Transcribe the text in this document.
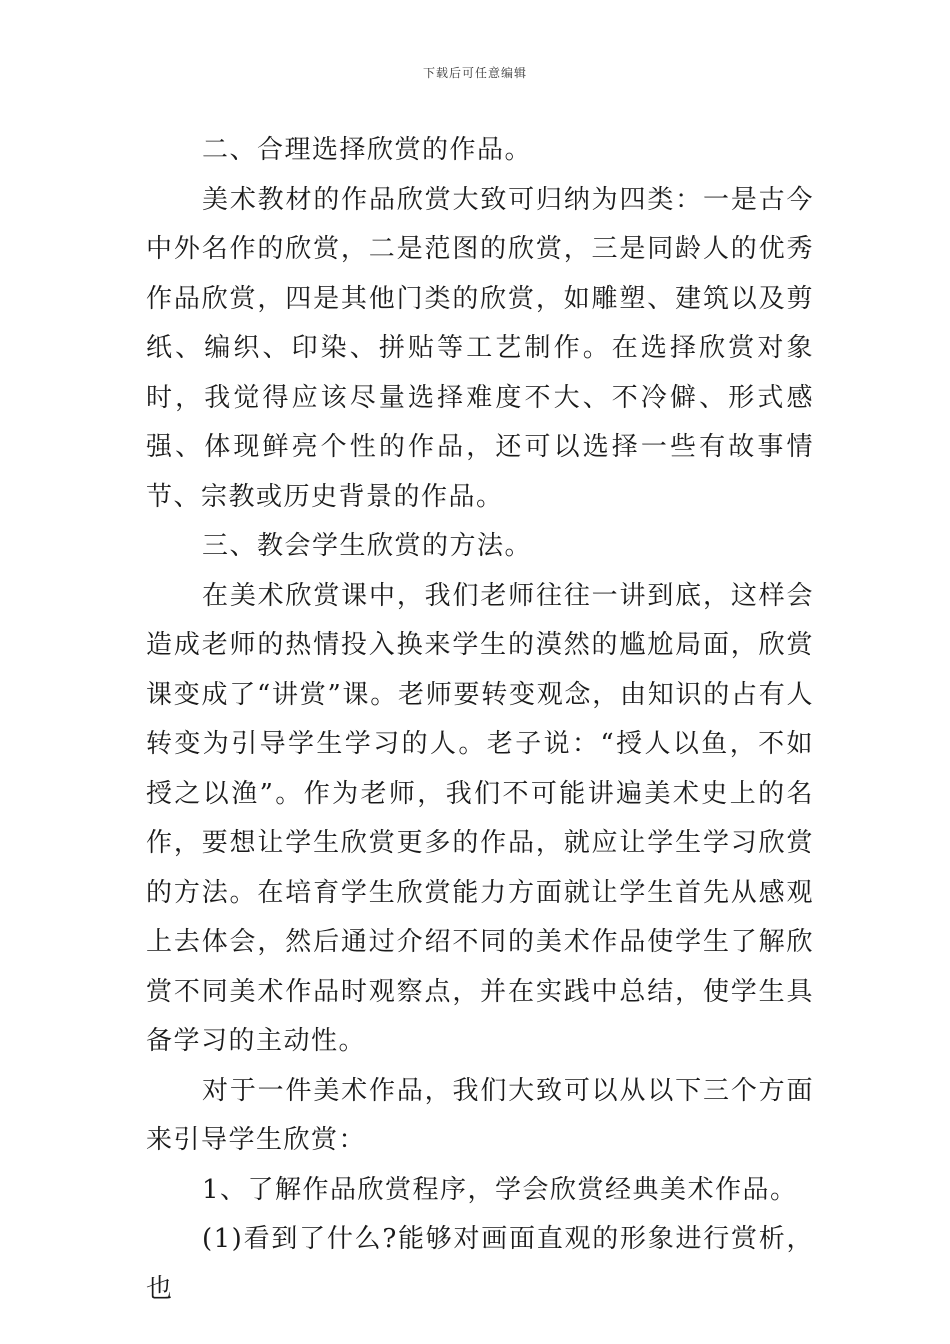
下载后可任意编辑

二、合理选择欣赏的作品。

美术教材的作品欣赏大致可归纳为四类：一是古今中外名作的欣赏，二是范图的欣赏，三是同龄人的优秀作品欣赏，四是其他门类的欣赏，如雕塑、建筑以及剪纸、编织、印染、拼贴等工艺制作。在选择欣赏对象时，我觉得应该尽量选择难度不大、不冷僻、形式感强、体现鲜亮个性的作品，还可以选择一些有故事情节、宗教或历史背景的作品。

三、教会学生欣赏的方法。

在美术欣赏课中，我们老师往往一讲到底，这样会造成老师的热情投入换来学生的漠然的尴尬局面，欣赏课变成了“讲赏”课。老师要转变观念，由知识的占有人转变为引导学生学习的人。老子说：“授人以鱼，不如授之以渔”。作为老师，我们不可能讲遍美术史上的名作，要想让学生欣赏更多的作品，就应让学生学习欣赏的方法。在培育学生欣赏能力方面就让学生首先从感观上去体会，然后通过介绍不同的美术作品使学生了解欣赏不同美术作品时观察点，并在实践中总结，使学生具备学习的主动性。

对于一件美术作品，我们大致可以从以下三个方面来引导学生欣赏：

1、了解作品欣赏程序，学会欣赏经典美术作品。

(1)看到了什么?能够对画面直观的形象进行赏析，也
